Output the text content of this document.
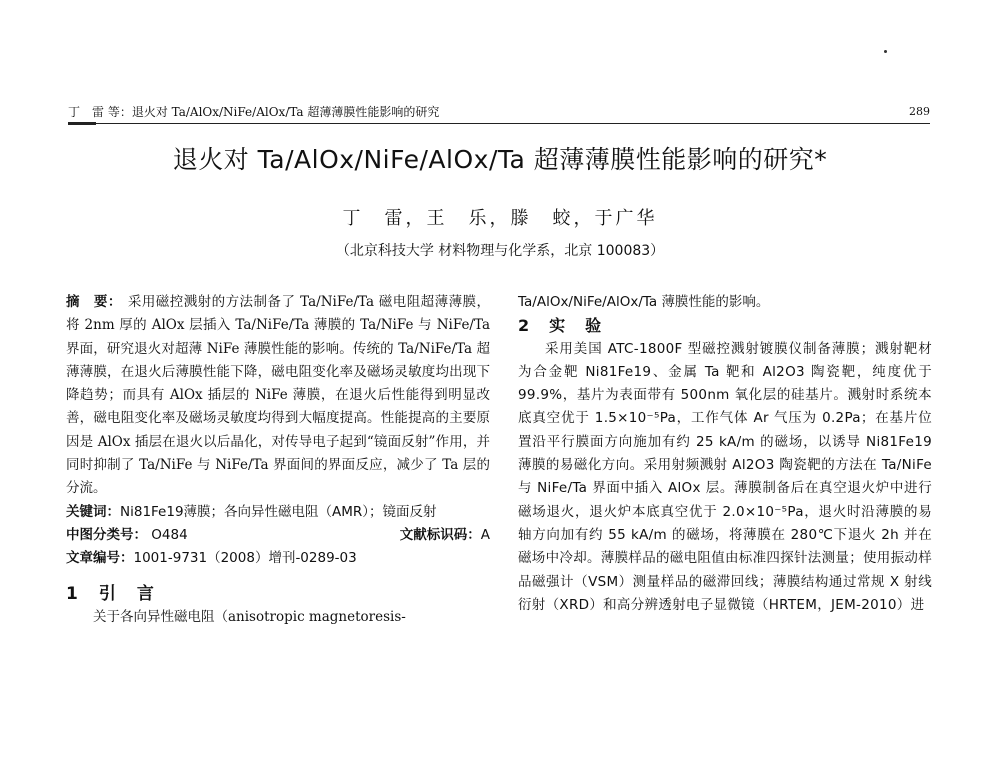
丁　雷 等：退火对 Ta/AlOx/NiFe/AlOx/Ta 超薄薄膜性能影响的研究	289
退火对 Ta/AlOx/NiFe/AlOx/Ta 超薄薄膜性能影响的研究*
丁　雷，王　乐，滕　蛟，于广华
（北京科技大学 材料物理与化学系，北京 100083）

摘　要： 采用磁控溅射的方法制备了 Ta/NiFe/Ta 磁电阻超薄薄膜，将 2nm 厚的 AlOx 层插入 Ta/NiFe/Ta 薄膜的 Ta/NiFe 与 NiFe/Ta 界面，研究退火对超薄 NiFe 薄膜性能的影响。传统的 Ta/NiFe/Ta 超薄薄膜，在退火后薄膜性能下降，磁电阻变化率及磁场灵敏度均出现下降趋势；而具有 AlOx 插层的 NiFe 薄膜，在退火后性能得到明显改善，磁电阻变化率及磁场灵敏度均得到大幅度提高。性能提高的主要原因是 AlOx 插层在退火以后晶化，对传导电子起到“镜面反射”作用，并同时抑制了 Ta/NiFe 与 NiFe/Ta 界面间的界面反应，减少了 Ta 层的分流。

关键词： Ni81Fe19薄膜；各向异性磁电阻（AMR）；镜面反射
中图分类号： O484	文献标识码：A

文章编号：1001-9731（2008）增刊-0289-03

1　引　言

关于各向异性磁电阻（anisotropic magnetoresis-

Ta/AlOx/NiFe/AlOx/Ta 薄膜性能的影响。

2　实　验

采用美国 ATC-1800F 型磁控溅射镀膜仪制备薄膜；溅射靶材为合金靶 Ni81Fe19、金属 Ta 靶和 Al2O3 陶瓷靶，纯度优于 99.9%，基片为表面带有 500nm 氧化层的硅基片。溅射时系统本底真空优于 1.5×10⁻⁵Pa，工作气体 Ar 气压为 0.2Pa；在基片位置沿平行膜面方向施加有约 25 kA/m 的磁场，以诱导 Ni81Fe19 薄膜的易磁化方向。采用射频溅射 Al2O3 陶瓷靶的方法在 Ta/NiFe 与 NiFe/Ta 界面中插入 AlOx 层。薄膜制备后在真空退火炉中进行磁场退火，退火炉本底真空优于 2.0×10⁻⁵Pa，退火时沿薄膜的易轴方向加有约 55 kA/m 的磁场，将薄膜在 280℃下退火 2h 并在磁场中冷却。薄膜样品的磁电阻值由标准四探针法测量；使用振动样品磁强计（VSM）测量样品的磁滞回线；薄膜结构通过常规 X 射线衍射（XRD）和高分辨透射电子显微镜（HRTEM，JEM-2010）进
